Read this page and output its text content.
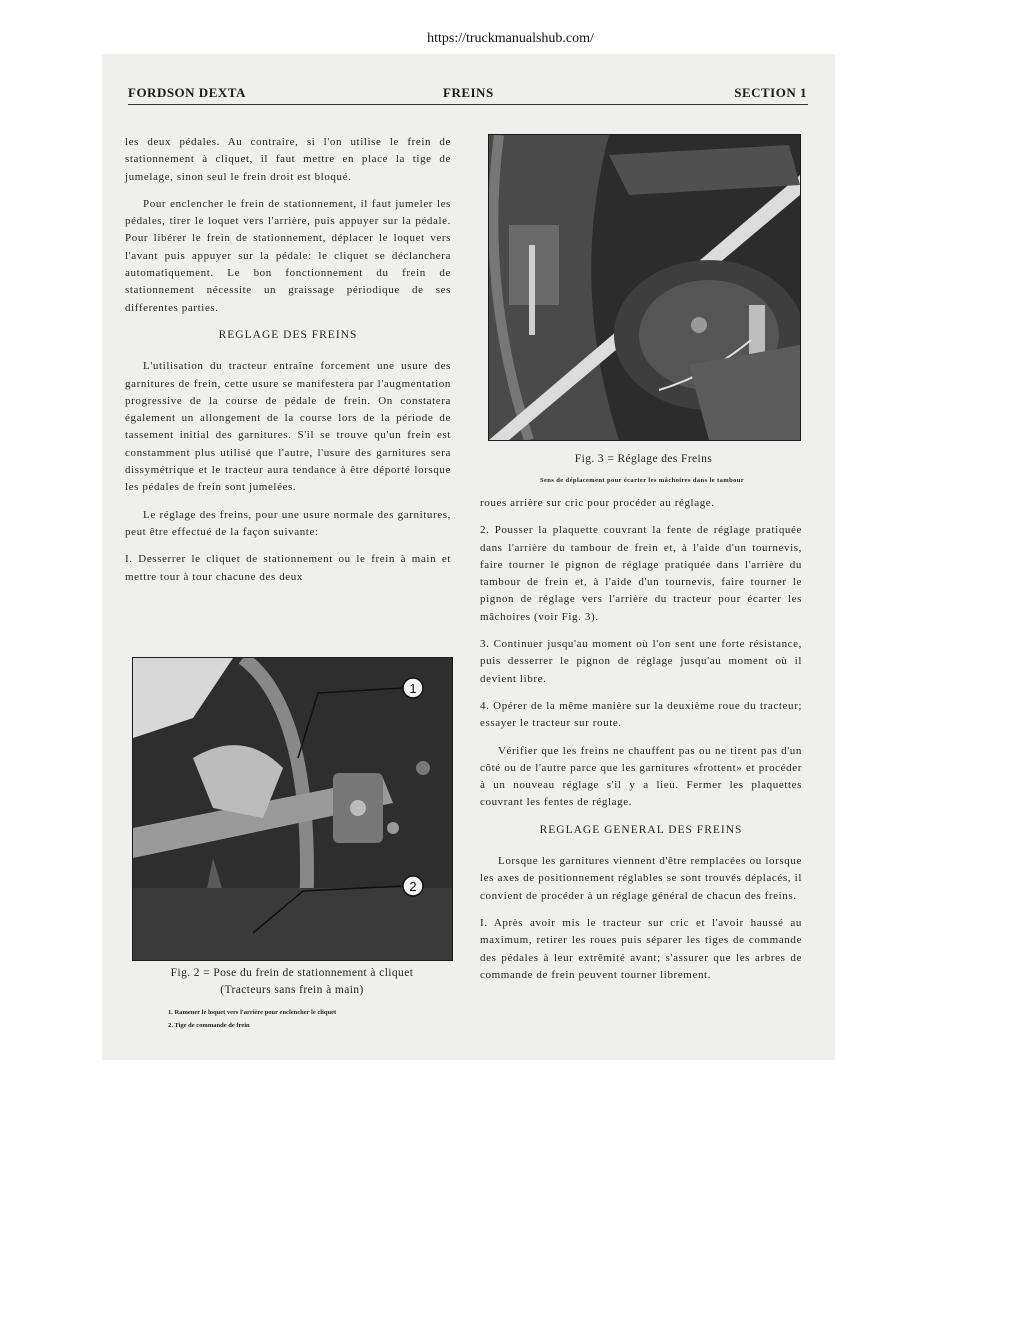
https://truckmanualshub.com/
FORDSON DEXTA	FREINS	SECTION 1

les deux pédales. Au contraire, si l'on utilise le frein de stationnement à cliquet, il faut mettre en place la tige de jumelage, sinon seul le frein droit est bloqué.

Pour enclencher le frein de stationnement, il faut jumeler les pédales, tirer le loquet vers l'arrière, puis appuyer sur la pédale. Pour libérer le frein de stationnement, déplacer le loquet vers l'avant puis appuyer sur la pédale: le cliquet se déclanchera automatiquement. Le bon fonctionnement du frein de stationnement nécessite un graissage périodique de ses differentes parties.

REGLAGE DES FREINS

L'utilisation du tracteur entraîne forcement une usure des garnitures de frein, cette usure se manifestera par l'augmentation progressive de la course de pédale de frein. On constatera également un allongement de la course lors de la période de tassement initial des garnitures. S'il se trouve qu'un frein est constamment plus utilisé que l'autre, l'usure des garnitures sera dissymétrique et le tracteur aura tendance à être déporté lorsque les pédales de frein sont jumelées.

Le réglage des freins, pour une usure normale des garnitures, peut être effectué de la façon suivante:

I. Desserrer le cliquet de stationnement ou le frein à main et mettre tour à tour chacune des deux

Fig. 3 = Réglage des Freins
Sens de déplacement pour écarter les mâchoires dans le tambour
1
2
Fig. 2 = Pose du frein de stationnement à cliquet
(Tracteurs sans frein à main)
1. Ramener le loquet vers l'arrière pour enclencher le cliquet
2. Tige de commande de frein

roues arrière sur cric pour procéder au réglage.

2. Pousser la plaquette couvrant la fente de réglage pratiquée dans l'arrière du tambour de frein et, à l'aide d'un tournevis, faire tourner le pignon de réglage pratiquée dans l'arrière du tambour de frein et, à l'aide d'un tournevis, faire tourner le pignon de réglage vers l'arrière du tracteur pour écarter les mâchoires (voir Fig. 3).

3. Continuer jusqu'au moment où l'on sent une forte résistance, puis desserrer le pignon de réglage jusqu'au moment où il devient libre.

4. Opérer de la même manière sur la deuxième roue du tracteur; essayer le tracteur sur route.

Vérifier que les freins ne chauffent pas ou ne tirent pas d'un côté ou de l'autre parce que les garnitures «frottent» et procéder à un nouveau réglage s'il y a lieu. Fermer les plaquettes couvrant les fentes de réglage.

REGLAGE GENERAL DES FREINS

Lorsque les garnitures viennent d'être remplacées ou lorsque les axes de positionnement réglables se sont trouvés déplacés, il convient de procéder à un réglage général de chacun des freins.

I. Après avoir mis le tracteur sur cric et l'avoir haussé au maximum, retirer les roues puis séparer les tiges de commande des pédales à leur extrêmité avant; s'assurer que les arbres de commande de frein peuvent tourner librement.
